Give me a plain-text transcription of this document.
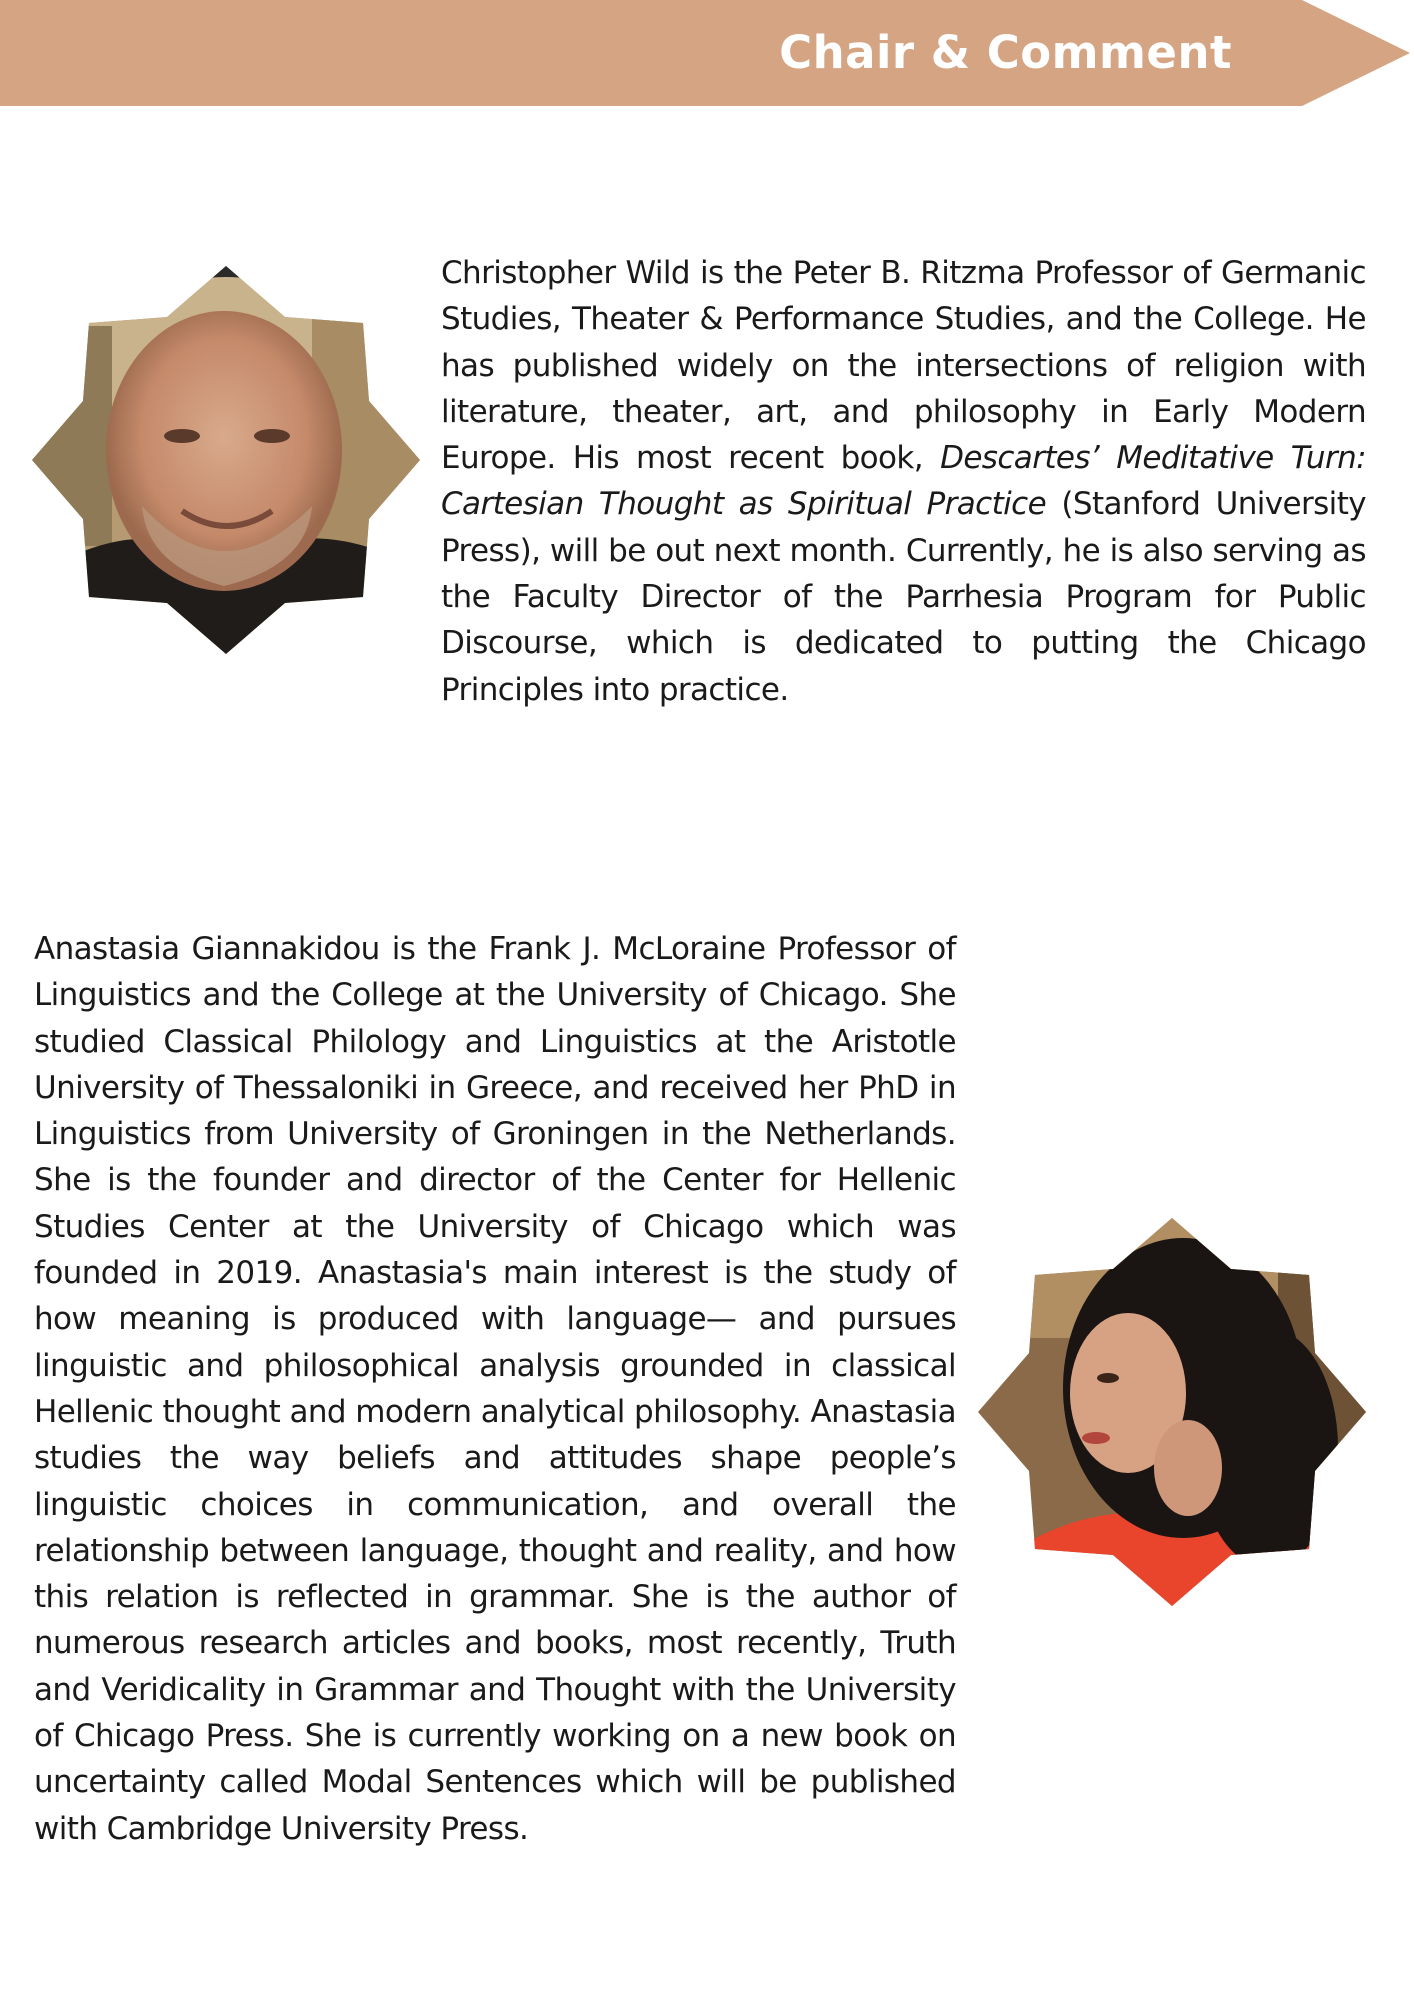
Chair & Comment

Christopher Wild is the Peter B. Ritzma Professor of Germanic Studies, Theater & Performance Studies, and the College. He has published widely on the intersections of religion with literature, theater, art, and philosophy in Early Modern Europe. His most recent book, Descartes’ Meditative Turn: Cartesian Thought as Spiritual Practice (Stanford University Press), will be out next month. Currently, he is also serving as the Faculty Director of the Parrhesia Program for Public Discourse, which is dedicated to putting the Chicago Principles into practice.

Anastasia Giannakidou is the Frank J. McLoraine Professor of Linguistics and the College at the University of Chicago. She studied Classical Philology and Linguistics at the Aristotle University of Thessaloniki in Greece, and received her PhD in Linguistics from University of Groningen in the Netherlands. She is the founder and director of the Center for Hellenic Studies Center at the University of Chicago which was founded in 2019. Anastasia's main interest is the study of how meaning is produced with language— and pursues linguistic and philosophical analysis grounded in classical Hellenic thought and modern analytical philosophy. Anastasia studies the way beliefs and attitudes shape people’s linguistic choices in communication, and overall the relationship between language, thought and reality, and how this relation is reflected in grammar. She is the author of numerous research articles and books, most recently, Truth and Veridicality in Grammar and Thought with the University of Chicago Press. She is currently working on a new book on uncertainty called Modal Sentences which will be published with Cambridge University Press.
